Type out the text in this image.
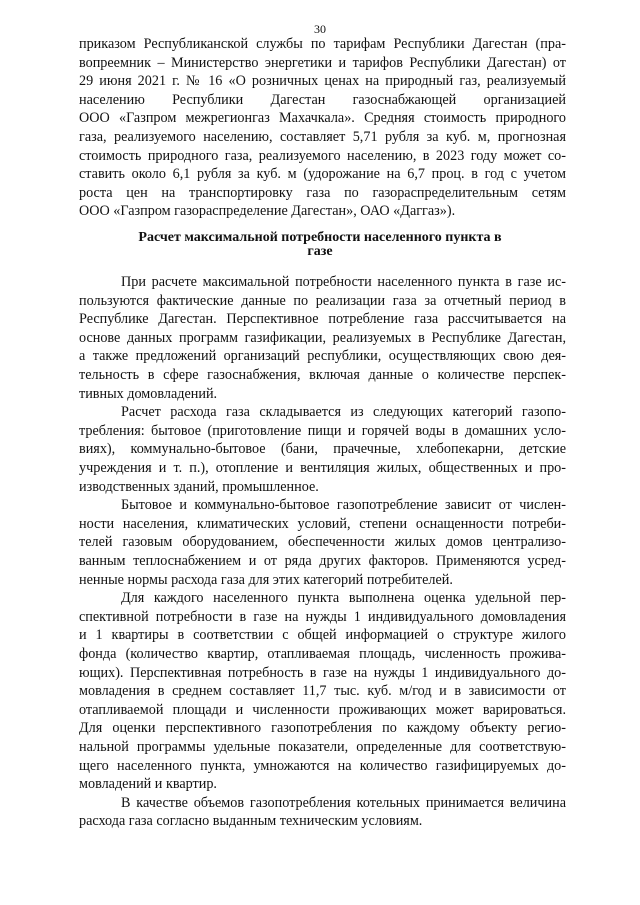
30

Расчет максимальной потребности населенного пункта в

газе

приказом Республиканской службы по тарифам Республики Дагестан (пра-

вопреемник – Министерство энергетики и тарифов Республики Дагестан) от

29 июня 2021 г. № 16 «О розничных ценах на природный газ, реализуемый

населению Республики Дагестан газоснабжающей организацией

ООО «Газпром межрегионгаз Махачкала». Средняя стоимость природного

газа, реализуемого населению, составляет 5,71 рубля за куб. м, прогнозная

стоимость природного газа, реализуемого населению, в 2023 году может со-

ставить около 6,1 рубля за куб. м (удорожание на 6,7 проц. в год с учетом

роста цен на транспортировку газа по газораспределительным сетям

ООО «Газпром газораспределение Дагестан», ОАО «Даггаз»).

При расчете максимальной потребности населенного пункта в газе ис-

пользуются фактические данные по реализации газа за отчетный период в

Республике Дагестан. Перспективное потребление газа рассчитывается на

основе данных программ газификации, реализуемых в Республике Дагестан,

а также предложений организаций республики, осуществляющих свою дея-

тельность в сфере газоснабжения, включая данные о количестве перспек-

тивных домовладений.

Расчет расхода газа складывается из следующих категорий газопо-

требления: бытовое (приготовление пищи и горячей воды в домашних усло-

виях), коммунально-бытовое (бани, прачечные, хлебопекарни, детские

учреждения и т. п.), отопление и вентиляция жилых, общественных и про-

изводственных зданий, промышленное.

Бытовое и коммунально-бытовое газопотребление зависит от числен-

ности населения, климатических условий, степени оснащенности потреби-

телей газовым оборудованием, обеспеченности жилых домов централизо-

ванным теплоснабжением и от ряда других факторов. Применяются усред-

ненные нормы расхода газа для этих категорий потребителей.

Для каждого населенного пункта выполнена оценка удельной пер-

спективной потребности в газе на нужды 1 индивидуального домовладения

и 1 квартиры в соответствии с общей информацией о структуре жилого

фонда (количество квартир, отапливаемая площадь, численность прожива-

ющих). Перспективная потребность в газе на нужды 1 индивидуального до-

мовладения в среднем составляет 11,7 тыс. куб. м/год и в зависимости от

отапливаемой площади и численности проживающих может варироваться.

Для оценки перспективного газопотребления по каждому объекту регио-

нальной программы удельные показатели, определенные для соответствую-

щего населенного пункта, умножаются на количество газифицируемых до-

мовладений и квартир.

В качестве объемов газопотребления котельных принимается величина

расхода газа согласно выданным техническим условиям.
